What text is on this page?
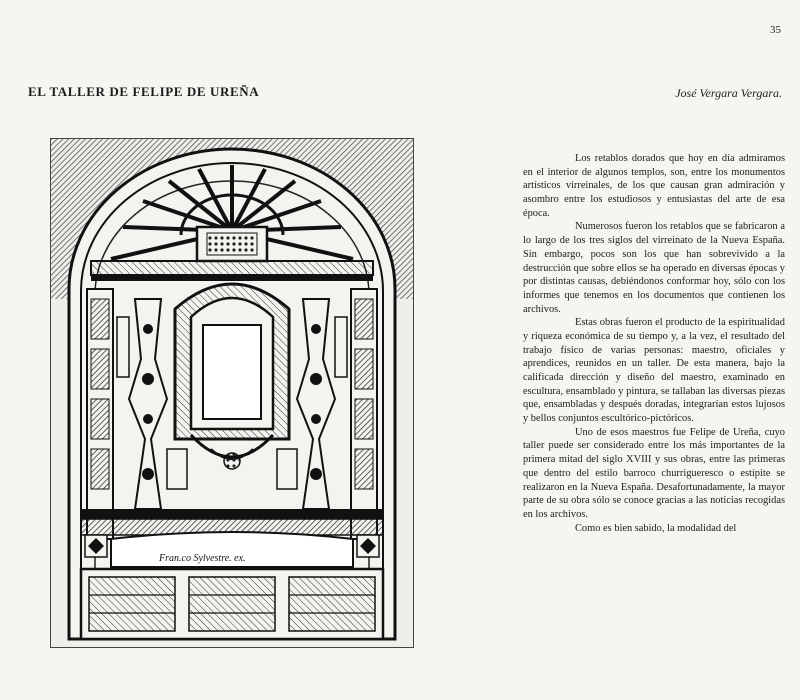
35
EL TALLER DE FELIPE DE UREÑA	José Vergara Vergara.
Fran.co Sylvestre. ex.

Los retablos dorados que hoy en día admiramos en el interior de algunos templos, son, entre los monumentos artísticos virreinales, de los que causan gran admiración y asombro entre los estudiosos y entusiastas del arte de esa época.

Numerosos fueron los retablos que se fabricaron a lo largo de los tres siglos del virreinato de la Nueva España. Sin embargo, pocos son los que han sobrevivido a la destrucción que sobre ellos se ha operado en diversas épocas y por distintas causas, debiéndonos conformar hoy, sólo con los informes que tenemos en los documentos que contienen los archivos.

Estas obras fueron el producto de la espiritualidad y riqueza económica de su tiempo y, a la vez, el resultado del trabajo físico de varias personas: maestro, oficiales y aprendices, reunidos en un taller. De esta manera, bajo la calificada dirección y diseño del maestro, examinado en escultura, ensamblado y pintura, se tallaban las diversas piezas que, ensambladas y después doradas, integrarían estos lujosos y bellos conjuntos escultórico-pictóricos.

Uno de esos maestros fue Felipe de Ureña, cuyo taller puede ser considerado entre los más importantes de la primera mitad del siglo XVIII y sus obras, entre las primeras que dentro del estilo barroco churrigueresco o estípite se realizaron en la Nueva España. Desafortunadamente, la mayor parte de su obra sólo se conoce gracias a las noticias recogidas en los archivos.

Como es bien sabido, la modalidad del
